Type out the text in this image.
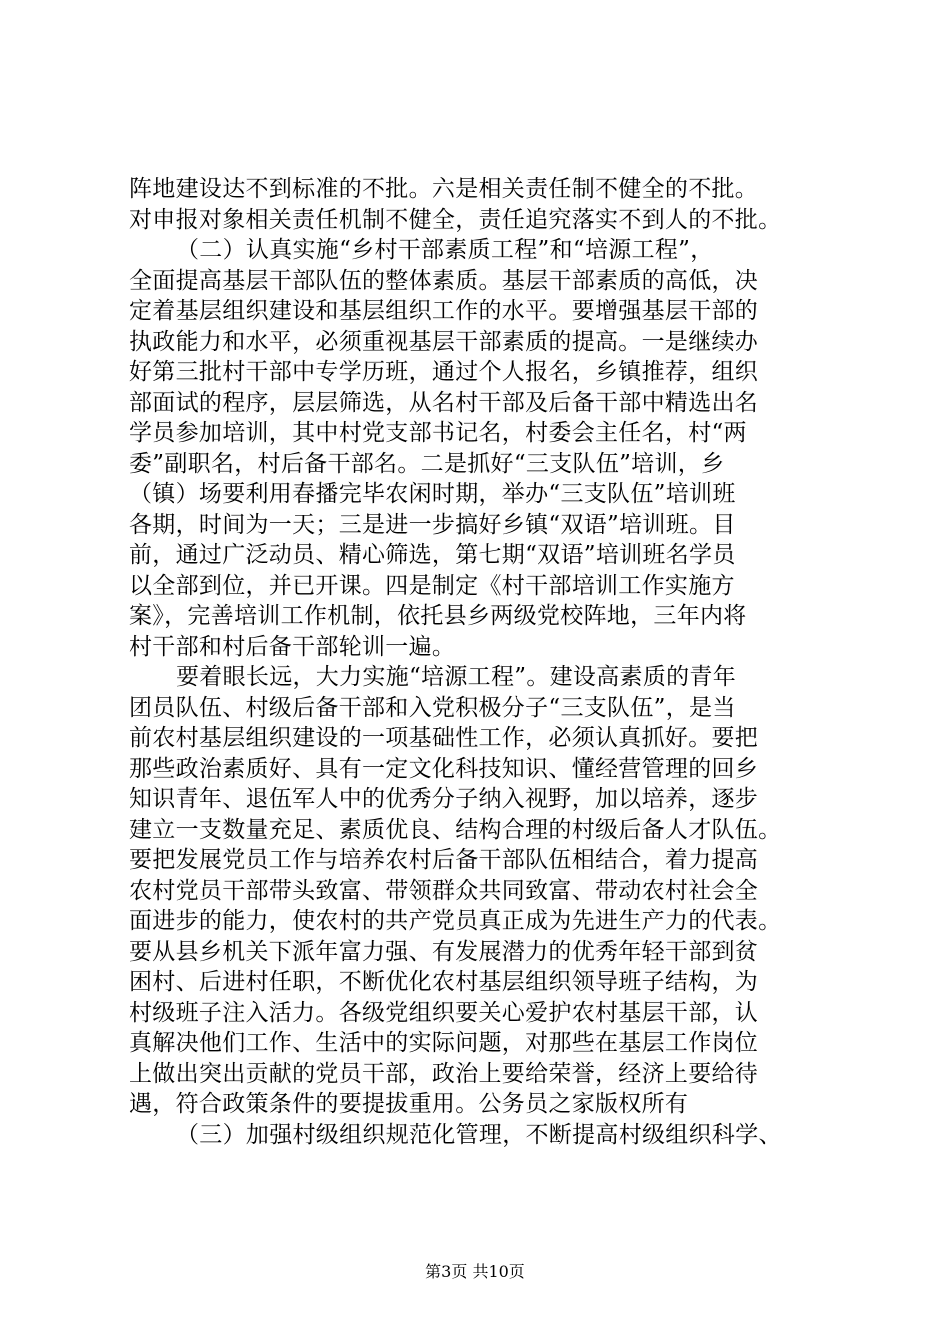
阵地建设达不到标准的不批。六是相关责任制不健全的不批。
对申报对象相关责任机制不健全，责任追究落实不到人的不批。
（二）认真实施“乡村干部素质工程”和“培源工程”，
全面提高基层干部队伍的整体素质。基层干部素质的高低，决
定着基层组织建设和基层组织工作的水平。要增强基层干部的
执政能力和水平，必须重视基层干部素质的提高。一是继续办
好第三批村干部中专学历班，通过个人报名，乡镇推荐，组织
部面试的程序，层层筛选，从名村干部及后备干部中精选出名
学员参加培训，其中村党支部书记名，村委会主任名，村“两
委”副职名，村后备干部名。二是抓好“三支队伍”培训，乡
（镇）场要利用春播完毕农闲时期，举办“三支队伍”培训班
各期，时间为一天；三是进一步搞好乡镇“双语”培训班。目
前，通过广泛动员、精心筛选，第七期“双语”培训班名学员
以全部到位，并已开课。四是制定《村干部培训工作实施方
案》，完善培训工作机制，依托县乡两级党校阵地，三年内将
村干部和村后备干部轮训一遍。
要着眼长远，大力实施“培源工程”。建设高素质的青年
团员队伍、村级后备干部和入党积极分子“三支队伍”，是当
前农村基层组织建设的一项基础性工作，必须认真抓好。要把
那些政治素质好、具有一定文化科技知识、懂经营管理的回乡
知识青年、退伍军人中的优秀分子纳入视野，加以培养，逐步
建立一支数量充足、素质优良、结构合理的村级后备人才队伍。
要把发展党员工作与培养农村后备干部队伍相结合，着力提高
农村党员干部带头致富、带领群众共同致富、带动农村社会全
面进步的能力，使农村的共产党员真正成为先进生产力的代表。
要从县乡机关下派年富力强、有发展潜力的优秀年轻干部到贫
困村、后进村任职，不断优化农村基层组织领导班子结构，为
村级班子注入活力。各级党组织要关心爱护农村基层干部，认
真解决他们工作、生活中的实际问题，对那些在基层工作岗位
上做出突出贡献的党员干部，政治上要给荣誉，经济上要给待
遇，符合政策条件的要提拔重用。公务员之家版权所有
（三）加强村级组织规范化管理，不断提高村级组织科学、
第3页 共10页
